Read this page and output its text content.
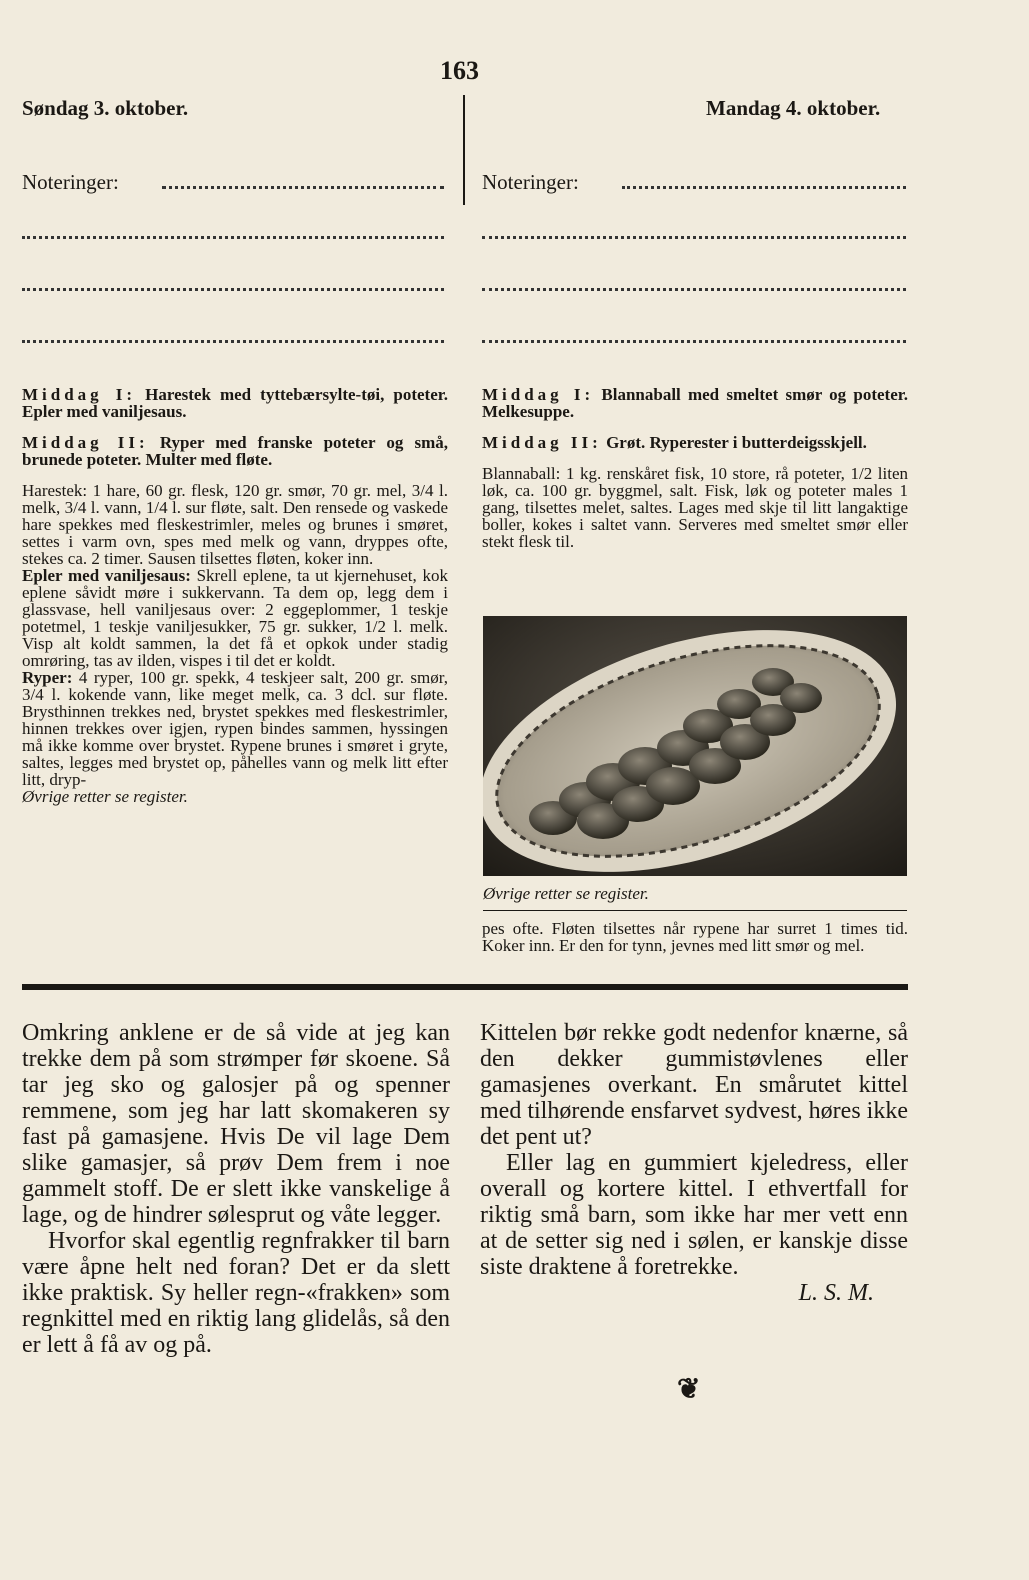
163
Søndag 3. oktober.	Mandag 4. oktober.
Noteringer:	Noteringer:

Middag I: Harestek med tyttebærsylte-tøi, poteter. Epler med vaniljesaus.

Middag II: Ryper med franske poteter og små, brunede poteter. Multer med fløte.

Harestek: 1 hare, 60 gr. flesk, 120 gr. smør, 70 gr. mel, 3/4 l. melk, 3/4 l. vann, 1/4 l. sur fløte, salt. Den rensede og vaskede hare spekkes med fleskestrimler, meles og brunes i smøret, settes i varm ovn, spes med melk og vann, dryppes ofte, stekes ca. 2 timer. Sausen tilsettes fløten, koker inn.

Epler med vaniljesaus: Skrell eplene, ta ut kjernehuset, kok eplene såvidt møre i sukkervann. Ta dem op, legg dem i glassvase, hell vaniljesaus over: 2 eggeplommer, 1 teskje potetmel, 1 teskje vaniljesukker, 75 gr. sukker, 1/2 l. melk. Visp alt koldt sammen, la det få et opkok under stadig omrøring, tas av ilden, vispes i til det er koldt.

Ryper: 4 ryper, 100 gr. spekk, 4 teskjeer salt, 200 gr. smør, 3/4 l. kokende vann, like meget melk, ca. 3 dcl. sur fløte. Brysthinnen trekkes ned, brystet spekkes med fleskestrimler, hinnen trekkes over igjen, rypen bindes sammen, hyssingen må ikke komme over brystet. Rypene brunes i smøret i gryte, saltes, legges med brystet op, påhelles vann og melk litt efter litt, dryp-

Øvrige retter se register.

Middag I: Blannaball med smeltet smør og poteter. Melkesuppe.

Middag II: Grøt. Ryperester i butterdeigsskjell.

Blannaball: 1 kg. renskåret fisk, 10 store, rå poteter, 1/2 liten løk, ca. 100 gr. byggmel, salt. Fisk, løk og poteter males 1 gang, tilsettes melet, saltes. Lages med skje til litt langaktige boller, kokes i saltet vann. Serveres med smeltet smør eller stekt flesk til.

Øvrige retter se register.

pes ofte. Fløten tilsettes når rypene har surret 1 times tid. Koker inn. Er den for tynn, jevnes med litt smør og mel.

Omkring anklene er de så vide at jeg kan trekke dem på som strømper før skoene. Så tar jeg sko og galosjer på og spenner remmene, som jeg har latt skomakeren sy fast på gamasjene. Hvis De vil lage Dem slike gamasjer, så prøv Dem frem i noe gammelt stoff. De er slett ikke vanskelige å lage, og de hindrer sølesprut og våte legger.

Hvorfor skal egentlig regnfrakker til barn være åpne helt ned foran? Det er da slett ikke praktisk. Sy heller regn-«frakken» som regnkittel med en riktig lang glidelås, så den er lett å få av og på.

Kittelen bør rekke godt nedenfor knærne, så den dekker gummistøvlenes eller gamasjenes overkant. En smårutet kittel med tilhørende ensfarvet sydvest, høres ikke det pent ut?

Eller lag en gummiert kjeledress, eller overall og kortere kittel. I ethvertfall for riktig små barn, som ikke har mer vett enn at de setter sig ned i sølen, er kanskje disse siste draktene å foretrekke.

L. S. M.

❦
